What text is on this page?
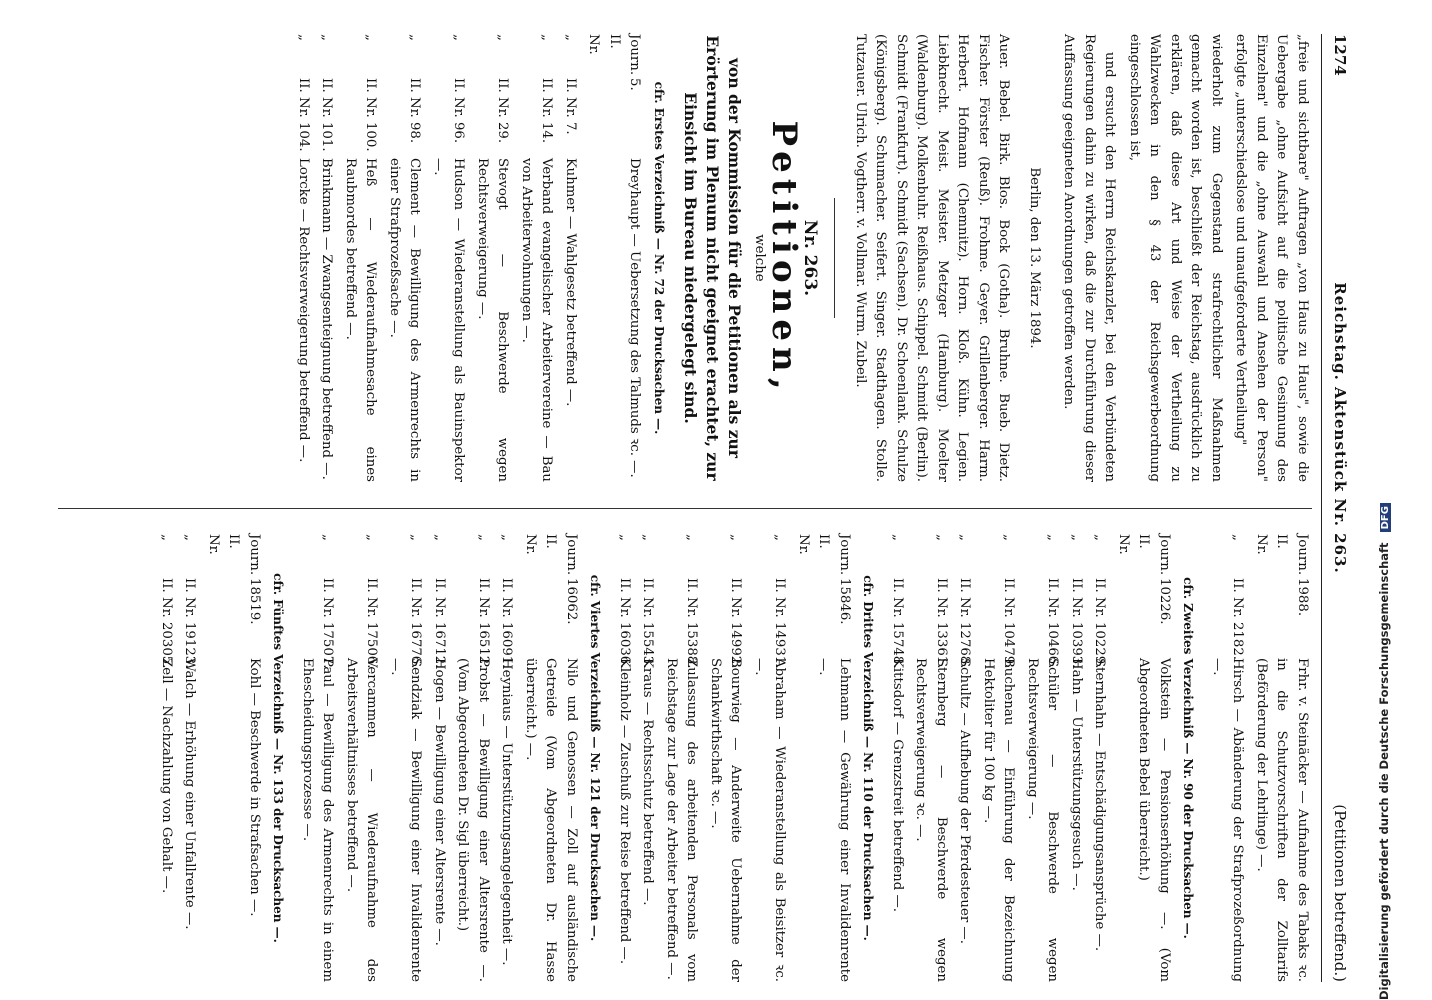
1274
Reichstag. Aktenstück Nr. 263.
(Petitionen betreffend.)

„freie und sichtbare" Auftragen „von Haus zu Haus", sowie die Uebergabe „ohne Aufsicht auf die politische Gesinnung des Einzelnen" und die „ohne Auswahl und Ansehen der Person" erfolgte „unterschiedslose und unaufgeforderte Vertheilung"

wiederholt zum Gegenstand strafrechtlicher Maßnahmen gemacht worden ist, beschließt der Reichstag, ausdrücklich zu erklären, daß diese Art und Weise der Vertheilung zu Wahlzwecken in den § 43 der Reichsgewerbeordnung eingeschlossen ist,

und ersucht den Herrn Reichskanzler, bei den Verbündeten Regierungen dahin zu wirken, daß die zur Durchführung dieser Auffassung geeigneten Anordnungen getroffen werden.

Berlin, den 13. März 1894.

Auer. Bebel. Birk. Blos. Bock (Gotha). Bruhne. Bueb. Dietz. Fischer. Förster (Reuß). Frohme. Geyer. Grillenberger. Harm. Herbert. Hofmann (Chemnitz). Horn. Kloß. Kühn. Legien. Liebknecht. Meist. Meister. Metzger (Hamburg). Moelter (Waldenburg). Molkenbuhr. Reißhaus. Schippel. Schmidt (Berlin). Schmidt (Frankfurt). Schmidt (Sachsen). Dr. Schoenlank. Schulze (Königsberg). Schumacher. Seifert. Singer. Stadthagen. Stolle. Tutzauer. Ulrich. Vogtherr. v. Vollmar. Wurm. Zubeil.

Nr. 263.
Petitionen,
welche
von der Kommission für die Petitionen als zur Erörterung im Plenum nicht geeignet erachtet, zur Einsicht im Bureau niedergelegt sind.
cfr. Erstes Verzeichniß — Nr. 72 der Drucksachen —.
Journ. II. Nr.
5.
Dreyhaupt — Uebersetzung des Talmuds ꝛc. —.
„
II. Nr. 7.
Kuhmer — Wahlgesetz betreffend —.
„
II. Nr. 14.
Verband evangelischer Arbeitervereine — Bau von Arbeiterwohnungen —.
„
II. Nr. 29.
Stevogt — Beschwerde wegen Rechtsverweigerung —.
„
II. Nr. 96.
Hudson — Wiederanstellung als Bauinspektor —.
„
II. Nr. 98.
Clement — Bewilligung des Armenrechts in einer Strafprozeßsache —.
„
II. Nr. 100.
Heß — Wiederaufnahmesache eines Raubmordes betreffend —.
„
II. Nr. 101.
Brinkmann — Zwangsenteignung betreffend —.
„
II. Nr. 104.
Lorcke — Rechtsverweigerung betreffend —.
Journ. II. Nr.
1988.
Frhr. v. Steinäcker — Aufnahme des Tabaks ꝛc. in die Schutzvorschriften der Zolltarifs (Beförderung der Lehrlinge) —.
„
II. Nr. 2182.
Hirsch — Abänderung der Strafprozeßordnung —.
cfr. Zweites Verzeichniß — Nr. 90 der Drucksachen —.
Journ. II. Nr.
10226.
Volkstein — Pensionserhöhung —. (Vom Abgeordneten Bebel überreicht.)
„
II. Nr. 10229.
Sternhahn — Entschädigungsansprüche —.
„
II. Nr. 10393.
Hahn — Unterstützungsgesuch —.
„
II. Nr. 10466.
Schüler — Beschwerde wegen Rechtsverweigerung —.
„
II. Nr. 10479.
Buchenau — Einführung der Bezeichnung Hektoliter für 100 kg —.
„
II. Nr. 12768.
Schultz — Aufhebung der Pferdesteuer —.
„
II. Nr. 13361.
Sternberg — Beschwerde wegen Rechtsverweigerung ꝛc. —.
„
II. Nr. 15748.
Kittsdorf — Grenzstreit betreffend —.
cfr. Drittes Verzeichniß — Nr. 110 der Drucksachen —.
Journ. II. Nr.
15846.
Lehmann — Gewährung einer Invalidenrente —.
„
II. Nr. 14931.
Abraham — Wiederanstellung als Beisitzer ꝛc. —.
„
II. Nr. 14992.
Bourwieg — Anderweite Uebernahme der Schankwirthschaft ꝛc. —.
„
II. Nr. 15388.
Zulassung des arbeitenden Personals vom Reichstage zur Lage der Arbeiter betreffend —.
„
II. Nr. 15543.
Kraus — Rechtsschutz betreffend —.
„
II. Nr. 16036.
Kleinholz — Zuschuß zur Reise betreffend —.
cfr. Viertes Verzeichniß — Nr. 121 der Drucksachen —.
Journ. II. Nr.
16062.
Nilo und Genossen — Zoll auf ausländische Getreide (Vom Abgeordneten Dr. Hasse überreicht.) —.
„
II. Nr. 16091.
Heyniaus — Unterstützungsangelegenheit —.
„
II. Nr. 16512.
Probst — Bewilligung einer Altersrente —. (Vom Abgeordneten Dr. Sigl überreicht.)
„
II. Nr. 16712.
Hogen — Bewilligung einer Altersrente —.
„
II. Nr. 16776.
Sendziak — Bewilligung einer Invalidenrente —.
„
II. Nr. 17506.
Vercammen — Wiederaufnahme des Arbeitsverhältnisses betreffend —.
„
II. Nr. 17507.
Paul — Bewilligung des Armenrechts in einem Ehescheidungsprozesse —.
cfr. Fünftes Verzeichniß — Nr. 133 der Drucksachen —.
Journ. II. Nr.
18519.
Kohl — Beschwerde in Strafsachen —.
„
II. Nr. 19123.
Walch — Erhöhung einer Unfallrente —.
„
II. Nr. 20305.
Zell — Nachzahlung von Gehalt —.	Digitalisierung gefördert durch die Deutsche Forschungsgemeinschaft DFG
